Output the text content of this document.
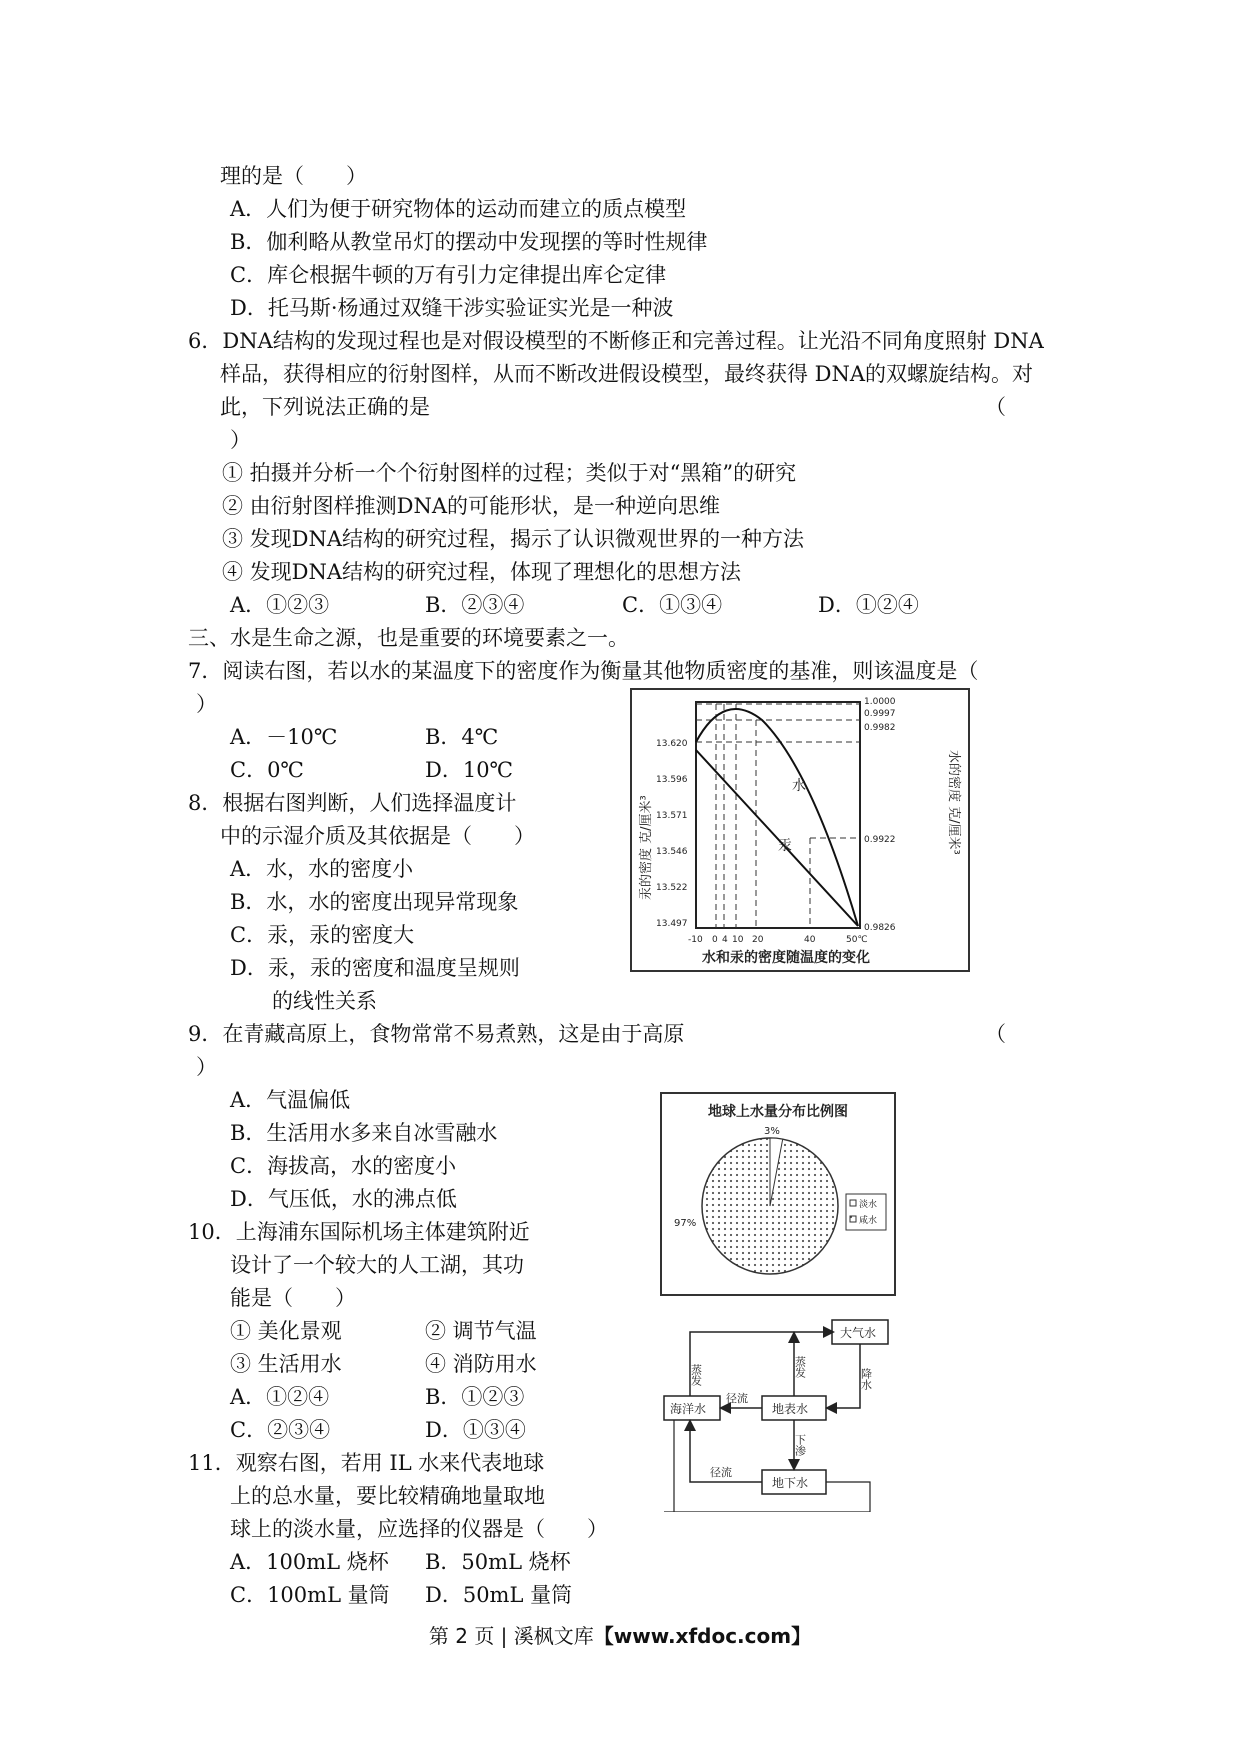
理的是（　　）
A．人们为便于研究物体的运动而建立的质点模型
B．伽利略从教堂吊灯的摆动中发现摆的等时性规律
C．库仑根据牛顿的万有引力定律提出库仑定律
D．托马斯·杨通过双缝干涉实验证实光是一种波
6．DNA结构的发现过程也是对假设模型的不断修正和完善过程。让光沿不同角度照射 DNA
样品，获得相应的衍射图样，从而不断改进假设模型，最终获得 DNA的双螺旋结构。对
此，下列说法正确的是	（
）
① 拍摄并分析一个个衍射图样的过程；类似于对“黑箱”的研究
② 由衍射图样推测DNA的可能形状，是一种逆向思维
③ 发现DNA结构的研究过程，揭示了认识微观世界的一种方法
④ 发现DNA结构的研究过程，体现了理想化的思想方法
A．①②③	B．②③④	C．①③④	D．①②④
三、水是生命之源，也是重要的环境要素之一。
7．阅读右图，若以水的某温度下的密度作为衡量其他物质密度的基准，则该温度是（
）
A．－10℃	B．4℃
C．0℃	D．10℃
8．根据右图判断，人们选择温度计
中的示湿介质及其依据是（　　）
A．水，水的密度小
B．水，水的密度出现异常现象
C．汞，汞的密度大
D．汞，汞的密度和温度呈规则
的线性关系
9．在青藏高原上，食物常常不易煮熟，这是由于高原	（
）
A．气温偏低
B．生活用水多来自冰雪融水
C．海拔高，水的密度小
D．气压低，水的沸点低
10．上海浦东国际机场主体建筑附近
设计了一个较大的人工湖，其功
能是（　　）
① 美化景观	② 调节气温
③ 生活用水	④ 消防用水
A．①②④	B．①②③
C．②③④	D．①③④
11．观察右图，若用 IL 水来代表地球
上的总水量，要比较精确地量取地
球上的淡水量，应选择的仪器是（　　）
A．100mL 烧杯 B．50mL 烧杯
C．100mL 量筒 D．50mL 量筒
水
汞
13.620
13.596
13.571
13.546
13.522
13.497
1.0000
0.9997
0.9982
0.9922
0.9826
-10 0 4 10 20	40	50℃
汞的密度 克/厘米³	水的密度 克/厘米³
水和汞的密度随温度的变化
地球上水量分布比例图
3%
97%
淡水
咸水
大气水
海洋水	地表水
地下水
蒸发	蒸发
径流
降水
下渗
径流
第 2 页 | 溪枫文库【www.xfdoc.com】
